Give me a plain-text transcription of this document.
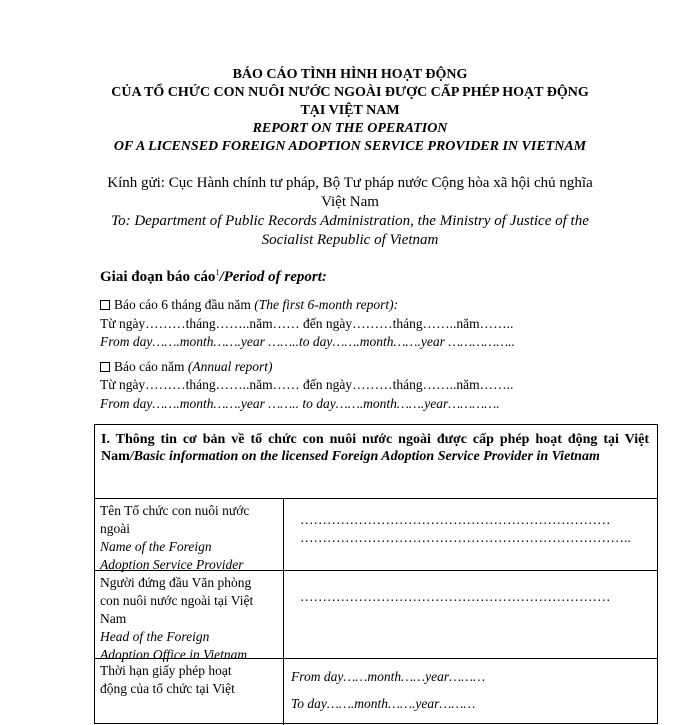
BÁO CÁO TÌNH HÌNH HOẠT ĐỘNG
CỦA TỔ CHỨC CON NUÔI NƯỚC NGOÀI ĐƯỢC CẤP PHÉP HOẠT ĐỘNG
TẠI VIỆT NAM
REPORT ON THE OPERATION
OF A LICENSED FOREIGN ADOPTION SERVICE PROVIDER IN VIETNAM
Kính gửi: Cục Hành chính tư pháp, Bộ Tư pháp nước Cộng hòa xã hội chủ nghĩa
Việt Nam
To: Department of Public Records Administration, the Ministry of Justice of the
Socialist Republic of Vietnam
Giai đoạn báo cáo$^1$/Period of report:
Báo cáo 6 tháng đầu năm (The first 6-month report):
Từ ngày………tháng……..năm…… đến ngày………tháng……..năm……..
From day…….month…….year ……..to day…….month…….year ……………..
Báo cáo năm (Annual report)
Từ ngày………tháng……..năm…… đến ngày………tháng……..năm……..
From day…….month…….year …….. to day…….month…….year………….
I. Thông tin cơ bản về tổ chức con nuôi nước ngoài được cấp phép hoạt động tại Việt Nam/Basic information on the licensed Foreign Adoption Service Provider in Vietnam
Tên Tổ chức con nuôi nước
ngoài
Name of the Foreign
Adoption Service Provider
……………………………………………………………
………………………………………………………………..
Người đứng đầu Văn phòng
con nuôi nước ngoài tại Việt
Nam
Head of the Foreign
Adoption Office in Vietnam
……………………………………………………………
Thời hạn giấy phép hoạt
động của tổ chức tại Việt
From day……month……year………
To day…….month…….year………
